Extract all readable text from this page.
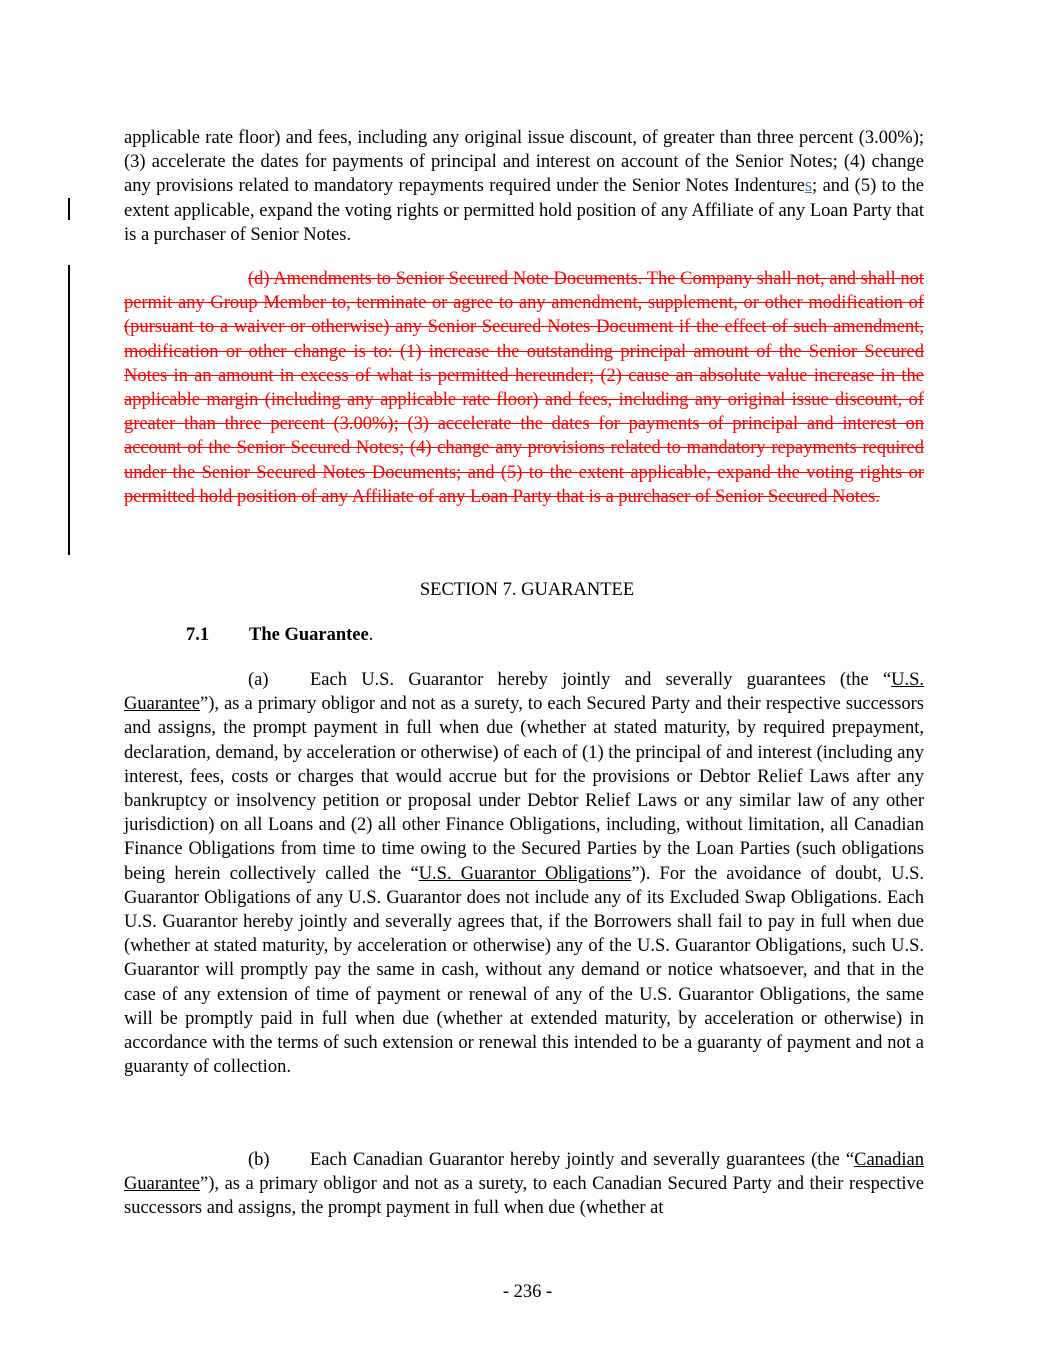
applicable rate floor) and fees, including any original issue discount, of greater than three percent (3.00%); (3) accelerate the dates for payments of principal and interest on account of the Senior Notes; (4) change any provisions related to mandatory repayments required under the Senior Notes Indentures; and (5) to the extent applicable, expand the voting rights or permitted hold position of any Affiliate of any Loan Party that is a purchaser of Senior Notes.

(d) Amendments to Senior Secured Note Documents. The Company shall not, and shall not permit any Group Member to, terminate or agree to any amendment, supplement, or other modification of (pursuant to a waiver or otherwise) any Senior Secured Notes Document if the effect of such amendment, modification or other change is to: (1) increase the outstanding principal amount of the Senior Secured Notes in an amount in excess of what is permitted hereunder; (2) cause an absolute value increase in the applicable margin (including any applicable rate floor) and fees, including any original issue discount, of greater than three percent (3.00%); (3) accelerate the dates for payments of principal and interest on account of the Senior Secured Notes; (4) change any provisions related to mandatory repayments required under the Senior Secured Notes Documents; and (5) to the extent applicable, expand the voting rights or permitted hold position of any Affiliate of any Loan Party that is a purchaser of Senior Secured Notes.

SECTION 7. GUARANTEE
7.1 The Guarantee.

(a) Each U.S. Guarantor hereby jointly and severally guarantees (the “U.S. Guarantee”), as a primary obligor and not as a surety, to each Secured Party and their respective successors and assigns, the prompt payment in full when due (whether at stated maturity, by required prepayment, declaration, demand, by acceleration or otherwise) of each of (1) the principal of and interest (including any interest, fees, costs or charges that would accrue but for the provisions or Debtor Relief Laws after any bankruptcy or insolvency petition or proposal under Debtor Relief Laws or any similar law of any other jurisdiction) on all Loans and (2) all other Finance Obligations, including, without limitation, all Canadian Finance Obligations from time to time owing to the Secured Parties by the Loan Parties (such obligations being herein collectively called the “U.S. Guarantor Obligations”). For the avoidance of doubt, U.S. Guarantor Obligations of any U.S. Guarantor does not include any of its Excluded Swap Obligations. Each U.S. Guarantor hereby jointly and severally agrees that, if the Borrowers shall fail to pay in full when due (whether at stated maturity, by acceleration or otherwise) any of the U.S. Guarantor Obligations, such U.S. Guarantor will promptly pay the same in cash, without any demand or notice whatsoever, and that in the case of any extension of time of payment or renewal of any of the U.S. Guarantor Obligations, the same will be promptly paid in full when due (whether at extended maturity, by acceleration or otherwise) in accordance with the terms of such extension or renewal this intended to be a guaranty of payment and not a guaranty of collection.

(b) Each Canadian Guarantor hereby jointly and severally guarantees (the “Canadian Guarantee”), as a primary obligor and not as a surety, to each Canadian Secured Party and their respective successors and assigns, the prompt payment in full when due (whether at

- 236 -
